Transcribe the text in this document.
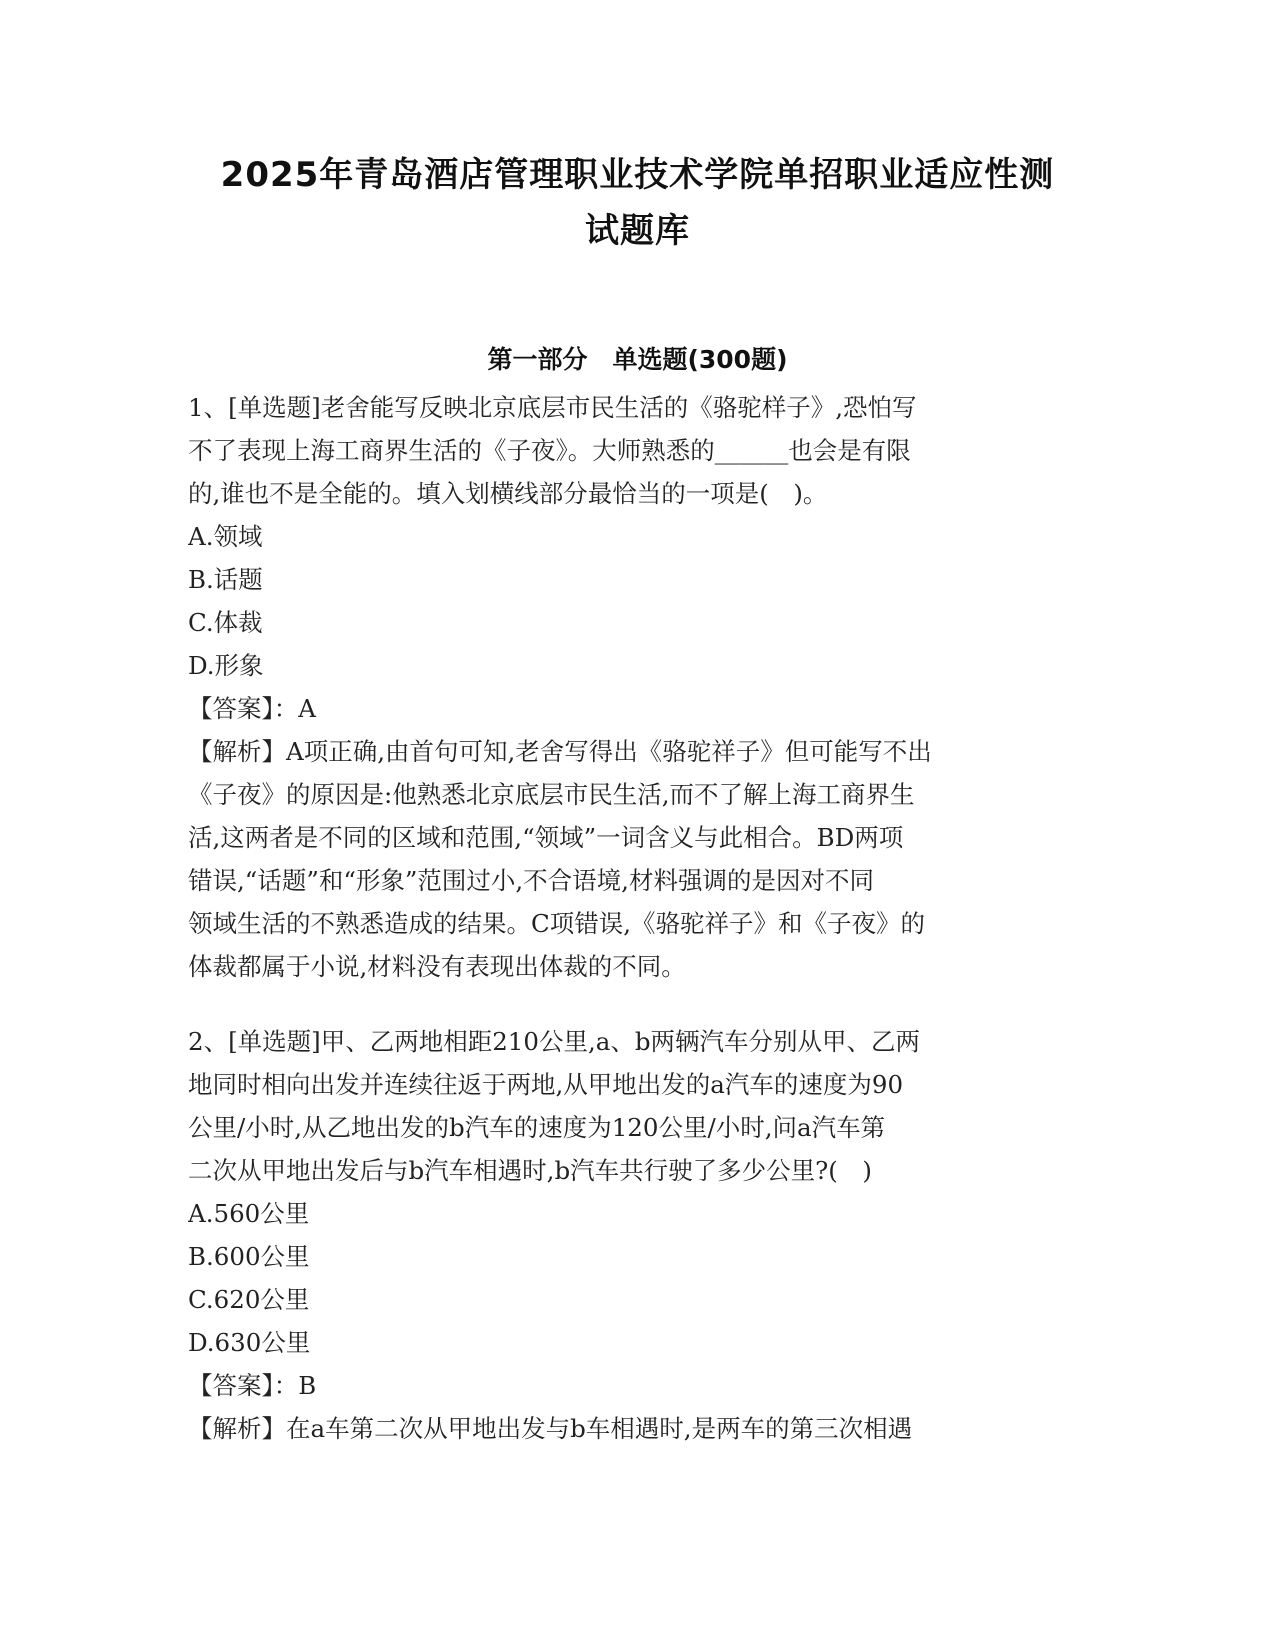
2025年青岛酒店管理职业技术学院单招职业适应性测
试题库
第一部分　单选题(300题)
1、[单选题]老舍能写反映北京底层市民生活的《骆驼样子》,恐怕写
不了表现上海工商界生活的《子夜》。大师熟悉的______也会是有限
的,谁也不是全能的。填入划横线部分最恰当的一项是(　)。
A.领域
B.话题
C.体裁
D.形象
【答案】：A
【解析】A项正确,由首句可知,老舍写得出《骆驼祥子》但可能写不出
《子夜》的原因是:他熟悉北京底层市民生活,而不了解上海工商界生
活,这两者是不同的区域和范围,“领域”一词含义与此相合。BD两项
错误,“话题”和“形象”范围过小,不合语境,材料强调的是因对不同
领域生活的不熟悉造成的结果。C项错误,《骆驼祥子》和《子夜》的
体裁都属于小说,材料没有表现出体裁的不同。
2、[单选题]甲、乙两地相距210公里,a、b两辆汽车分别从甲、乙两
地同时相向出发并连续往返于两地,从甲地出发的a汽车的速度为90
公里/小时,从乙地出发的b汽车的速度为120公里/小时,问a汽车第
二次从甲地出发后与b汽车相遇时,b汽车共行驶了多少公里?(　)
A.560公里
B.600公里
C.620公里
D.630公里
【答案】：B
【解析】在a车第二次从甲地出发与b车相遇时,是两车的第三次相遇
